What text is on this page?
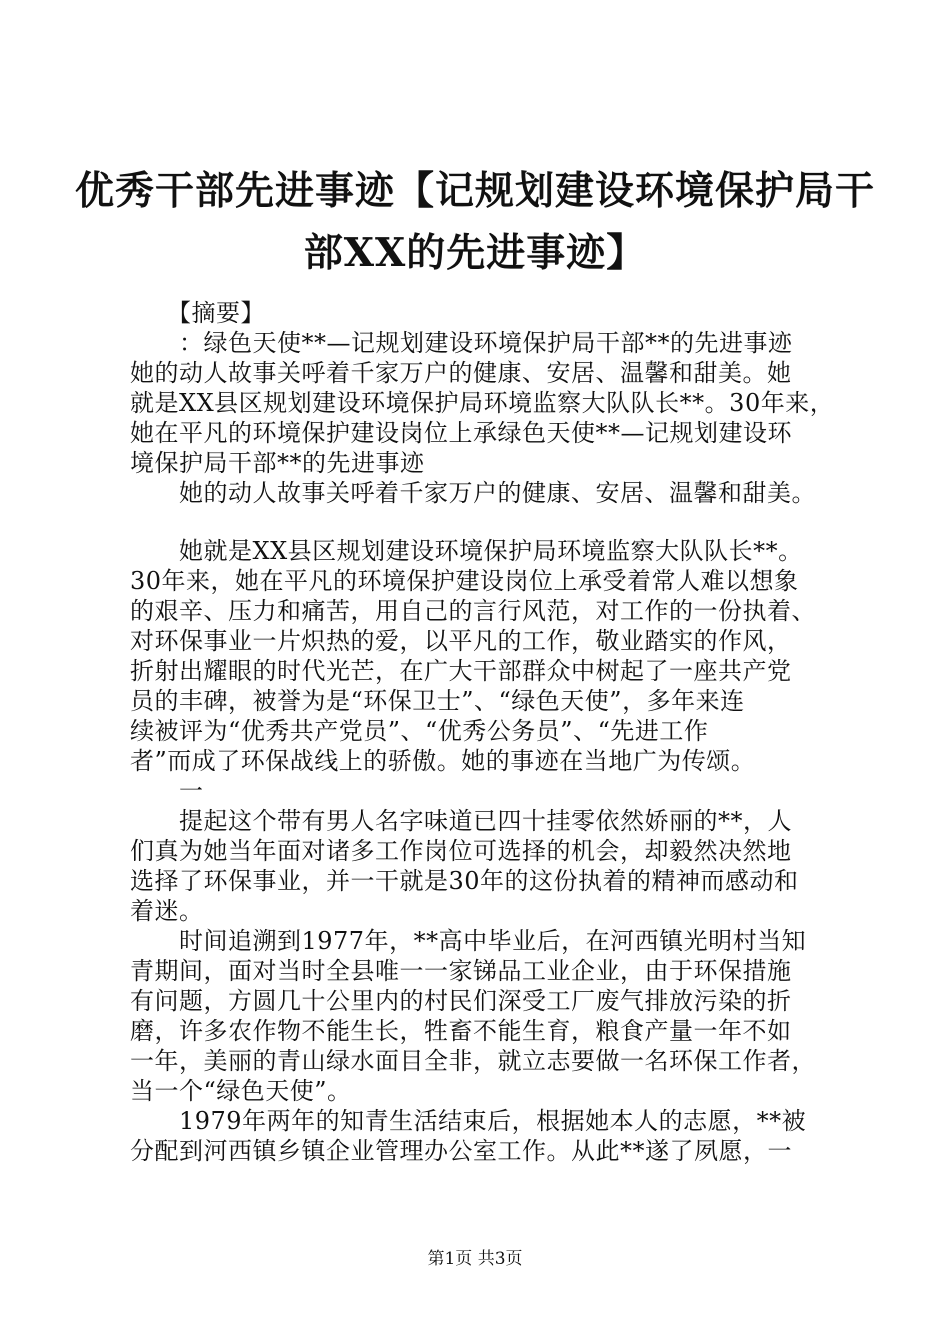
优秀干部先进事迹【记规划建设环境保护局干
部XX的先进事迹】
　　【摘要】
　　：绿色天使**—记规划建设环境保护局干部**的先进事迹
她的动人故事关呼着千家万户的健康、安居、温馨和甜美。她
就是XX县区规划建设环境保护局环境监察大队队长**。30年来，
她在平凡的环境保护建设岗位上承绿色天使**—记规划建设环
境保护局干部**的先进事迹
　　她的动人故事关呼着千家万户的健康、安居、温馨和甜美。
　　她就是XX县区规划建设环境保护局环境监察大队队长**。
30年来，她在平凡的环境保护建设岗位上承受着常人难以想象
的艰辛、压力和痛苦，用自己的言行风范，对工作的一份执着、
对环保事业一片炽热的爱，以平凡的工作，敬业踏实的作风，
折射出耀眼的时代光芒，在广大干部群众中树起了一座共产党
员的丰碑，被誉为是“环保卫士”、“绿色天使”，多年来连
续被评为“优秀共产党员”、“优秀公务员”、“先进工作
者”而成了环保战线上的骄傲。她的事迹在当地广为传颂。
　　一
　　提起这个带有男人名字味道已四十挂零依然娇丽的**，人
们真为她当年面对诸多工作岗位可选择的机会，却毅然决然地
选择了环保事业，并一干就是30年的这份执着的精神而感动和
着迷。
　　时间追溯到1977年，**高中毕业后，在河西镇光明村当知
青期间，面对当时全县唯一一家锑品工业企业，由于环保措施
有问题，方圆几十公里内的村民们深受工厂废气排放污染的折
磨，许多农作物不能生长，牲畜不能生育，粮食产量一年不如
一年，美丽的青山绿水面目全非，就立志要做一名环保工作者，
当一个“绿色天使”。
　　1979年两年的知青生活结束后，根据她本人的志愿，**被
分配到河西镇乡镇企业管理办公室工作。从此**遂了夙愿，一
第1页 共3页
